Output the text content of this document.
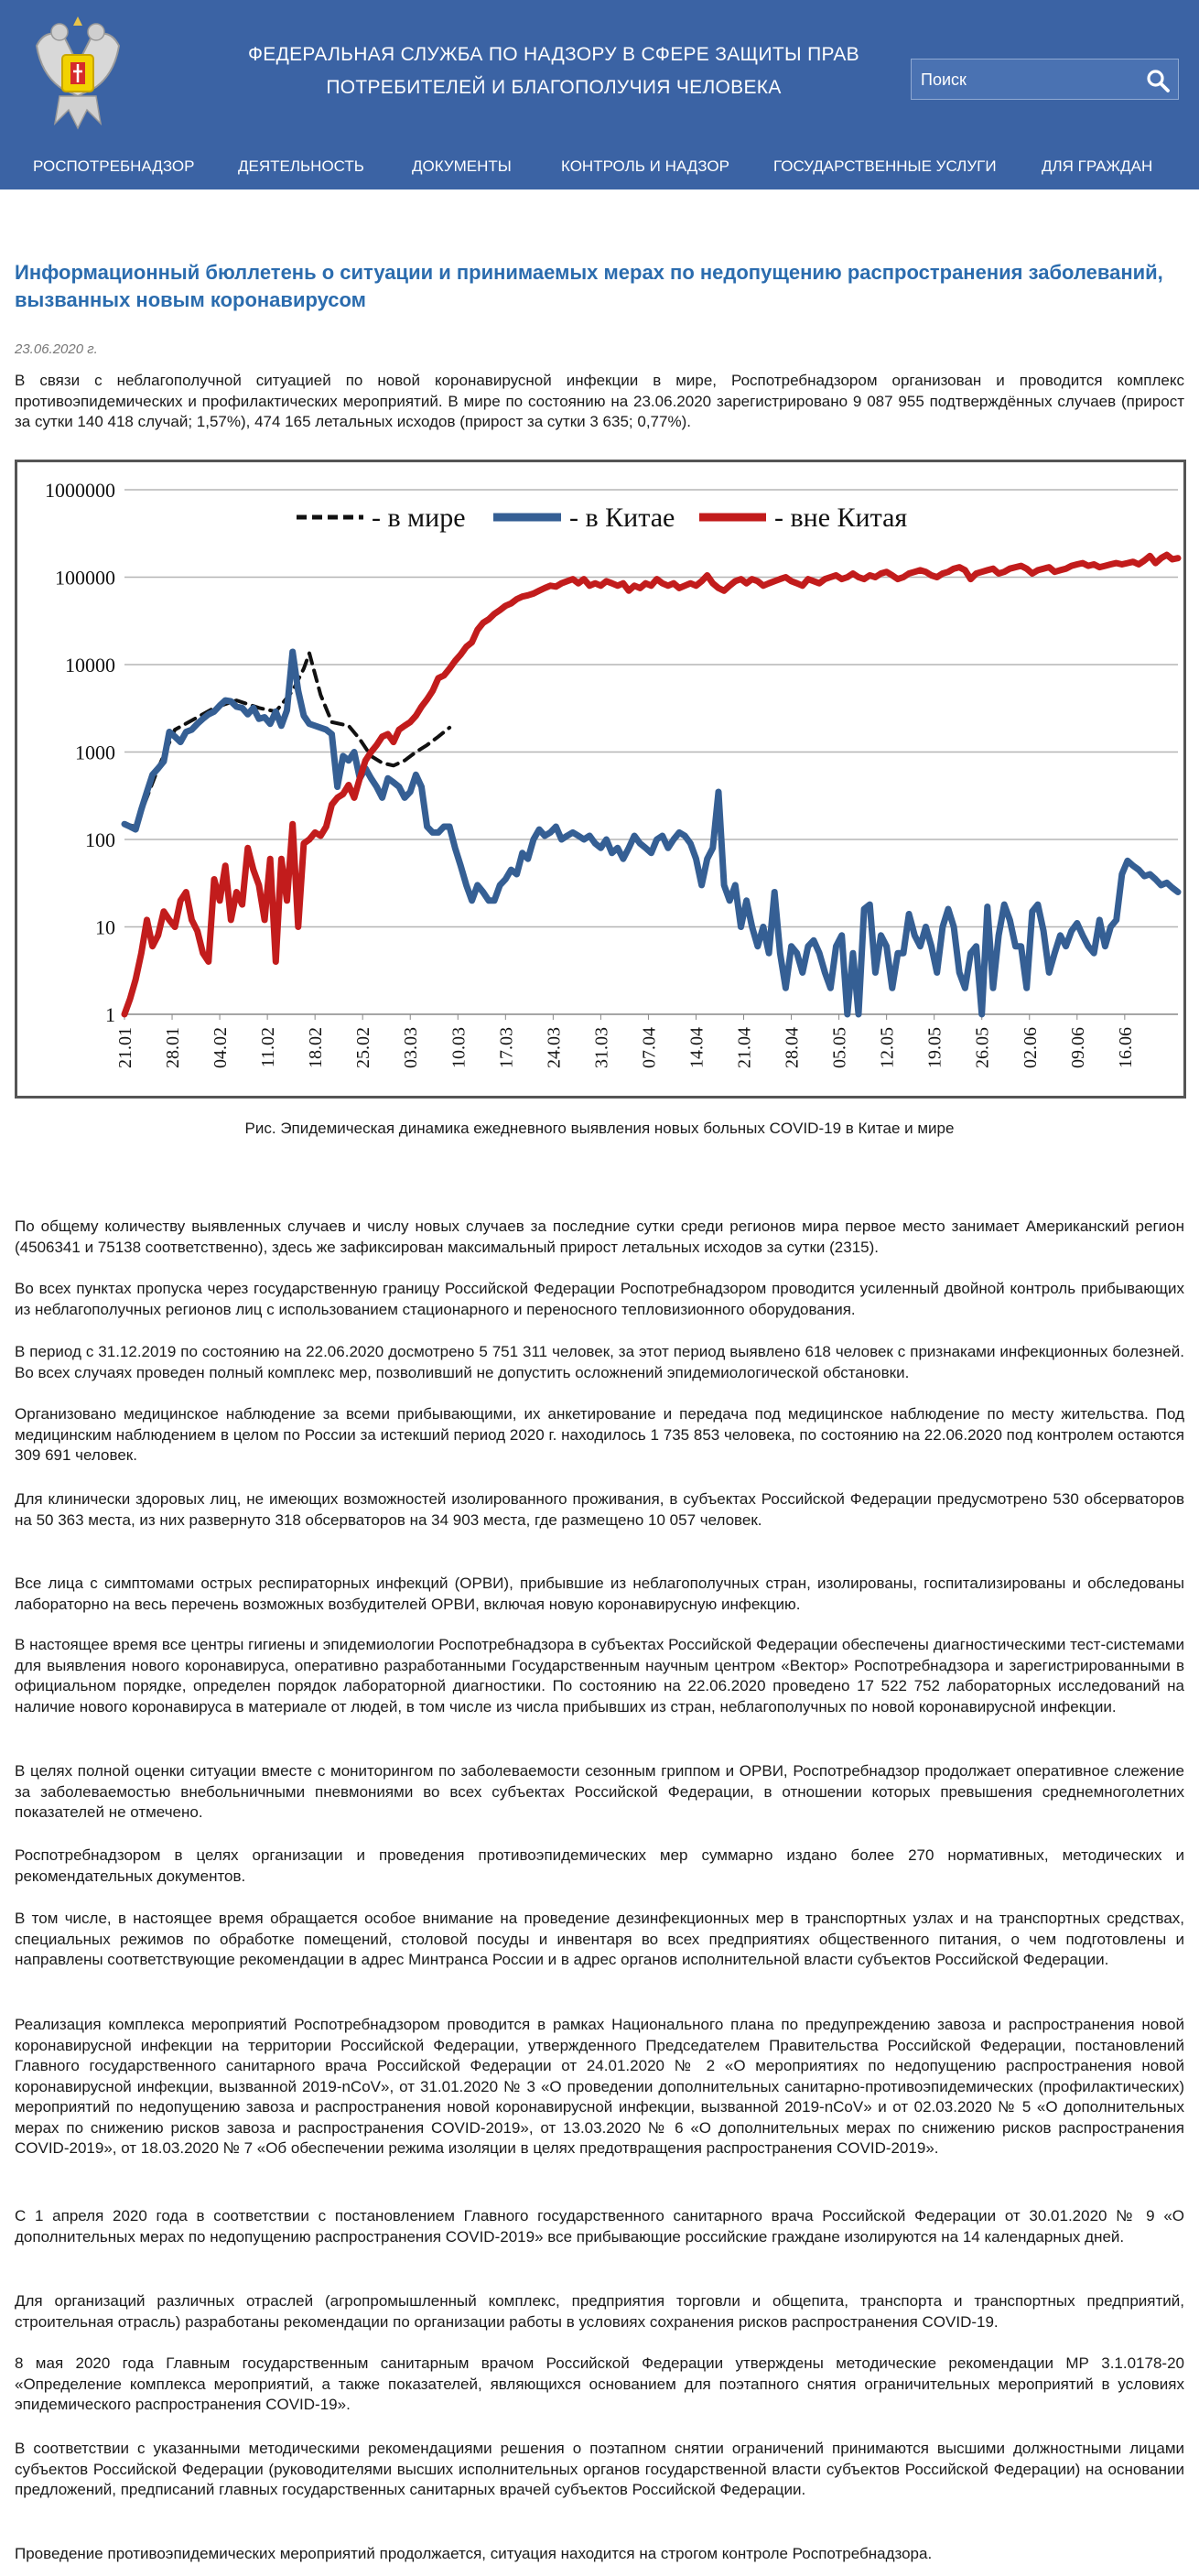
ФЕДЕРАЛЬНАЯ СЛУЖБА ПО НАДЗОРУ В СФЕРЕ ЗАЩИТЫ ПРАВ
ПОТРЕБИТЕЛЕЙ И БЛАГОПОЛУЧИЯ ЧЕЛОВЕКА
Поиск
РОСПОТРЕБНАДЗОР	ДЕЯТЕЛЬНОСТЬ	ДОКУМЕНТЫ	КОНТРОЛЬ И НАДЗОР	ГОСУДАРСТВЕННЫЕ УСЛУГИ	ДЛЯ ГРАЖДАН
Информационный бюллетень о ситуации и принимаемых мерах по недопущению распространения заболеваний, вызванных новым коронавирусом
23.06.2020 г.

В связи с неблагополучной ситуацией по новой коронавирусной инфекции в мире, Роспотребнадзором организован и проводится комплекс противоэпидемических и профилактических мероприятий. В мире по состоянию на 23.06.2020 зарегистрировано 9 087 955 подтверждённых случаев (прирост за сутки 140 418 случай; 1,57%), 474 165 летальных исходов (прирост за сутки 3 635; 0,77%).

1
10
100
1000
10000
100000
1000000
21.01 28.01 04.02 11.02 18.02 25.02 03.03 10.03 17.03 24.03 31.03 07.04 14.04 21.04 28.04 05.05 12.05 19.05 26.05 02.06 09.06 16.06
- в мире	- в Китае	- вне Китая
Рис. Эпидемическая динамика ежедневного выявления новых больных COVID-19 в Китае и мире

По общему количеству выявленных случаев и числу новых случаев за последние сутки среди регионов мира первое место занимает Американский регион (4506341 и 75138 соответственно), здесь же зафиксирован максимальный прирост летальных исходов за сутки (2315).

Во всех пунктах пропуска через государственную границу Российской Федерации Роспотребнадзором проводится усиленный двойной контроль прибывающих из неблагополучных регионов лиц с использованием стационарного и переносного тепловизионного оборудования.

В период с 31.12.2019 по состоянию на 22.06.2020 досмотрено 5 751 311 человек, за этот период выявлено 618 человек с признаками инфекционных болезней. Во всех случаях проведен полный комплекс мер, позволивший не допустить осложнений эпидемиологической обстановки.

Организовано медицинское наблюдение за всеми прибывающими, их анкетирование и передача под медицинское наблюдение по месту жительства. Под медицинским наблюдением в целом по России за истекший период 2020 г. находилось 1 735 853 человека, по состоянию на 22.06.2020 под контролем остаются 309 691 человек.

Для клинически здоровых лиц, не имеющих возможностей изолированного проживания, в субъектах Российской Федерации предусмотрено 530 обсерваторов на 50 363 места, из них развернуто 318 обсерваторов на 34 903 места, где размещено 10 057 человек.

Все лица с симптомами острых респираторных инфекций (ОРВИ), прибывшие из неблагополучных стран, изолированы, госпитализированы и обследованы лабораторно на весь перечень возможных возбудителей ОРВИ, включая новую коронавирусную инфекцию.

В настоящее время все центры гигиены и эпидемиологии Роспотребнадзора в субъектах Российской Федерации обеспечены диагностическими тест-системами для выявления нового коронавируса, оперативно разработанными Государственным научным центром «Вектор» Роспотребнадзора и зарегистрированными в официальном порядке, определен порядок лабораторной диагностики. По состоянию на 22.06.2020 проведено 17 522 752 лабораторных исследований на наличие нового коронавируса в материале от людей, в том числе из числа прибывших из стран, неблагополучных по новой коронавирусной инфекции.

В целях полной оценки ситуации вместе с мониторингом по заболеваемости сезонным гриппом и ОРВИ, Роспотребнадзор продолжает оперативное слежение за заболеваемостью внебольничными пневмониями во всех субъектах Российской Федерации, в отношении которых превышения среднемноголетних показателей не отмечено.

Роспотребнадзором в целях организации и проведения противоэпидемических мер суммарно издано более 270 нормативных, методических и рекомендательных документов.

В том числе, в настоящее время обращается особое внимание на проведение дезинфекционных мер в транспортных узлах и на транспортных средствах, специальных режимов по обработке помещений, столовой посуды и инвентаря во всех предприятиях общественного питания, о чем подготовлены и направлены соответствующие рекомендации в адрес Минтранса России и в адрес органов исполнительной власти субъектов Российской Федерации.

Реализация комплекса мероприятий Роспотребнадзором проводится в рамках Национального плана по предупреждению завоза и распространения новой коронавирусной инфекции на территории Российской Федерации, утвержденного Председателем Правительства Российской Федерации, постановлений Главного государственного санитарного врача Российской Федерации от 24.01.2020 № 2 «О мероприятиях по недопущению распространения новой коронавирусной инфекции, вызванной 2019-nCoV», от 31.01.2020 № 3 «О проведении дополнительных санитарно-противоэпидемических (профилактических) мероприятий по недопущению завоза и распространения новой коронавирусной инфекции, вызванной 2019-nCoV» и от 02.03.2020 № 5 «О дополнительных мерах по снижению рисков завоза и распространения COVID-2019», от 13.03.2020 № 6 «О дополнительных мерах по снижению рисков распространения COVID-2019», от 18.03.2020 № 7 «Об обеспечении режима изоляции в целях предотвращения распространения COVID-2019».

С 1 апреля 2020 года в соответствии с постановлением Главного государственного санитарного врача Российской Федерации от 30.01.2020 № 9 «О дополнительных мерах по недопущению распространения COVID-2019» все прибывающие российские граждане изолируются на 14 календарных дней.

Для организаций различных отраслей (агропромышленный комплекс, предприятия торговли и общепита, транспорта и транспортных предприятий, строительная отрасль) разработаны рекомендации по организации работы в условиях сохранения рисков распространения COVID-19.

8 мая 2020 года Главным государственным санитарным врачом Российской Федерации утверждены методические рекомендации МР 3.1.0178-20 «Определение комплекса мероприятий, а также показателей, являющихся основанием для поэтапного снятия ограничительных мероприятий в условиях эпидемического распространения COVID-19».

В соответствии с указанными методическими рекомендациями решения о поэтапном снятии ограничений принимаются высшими должностными лицами субъектов Российской Федерации (руководителями высших исполнительных органов государственной власти субъектов Российской Федерации) на основании предложений, предписаний главных государственных санитарных врачей субъектов Российской Федерации.

Проведение противоэпидемических мероприятий продолжается, ситуация находится на строгом контроле Роспотребнадзора.
